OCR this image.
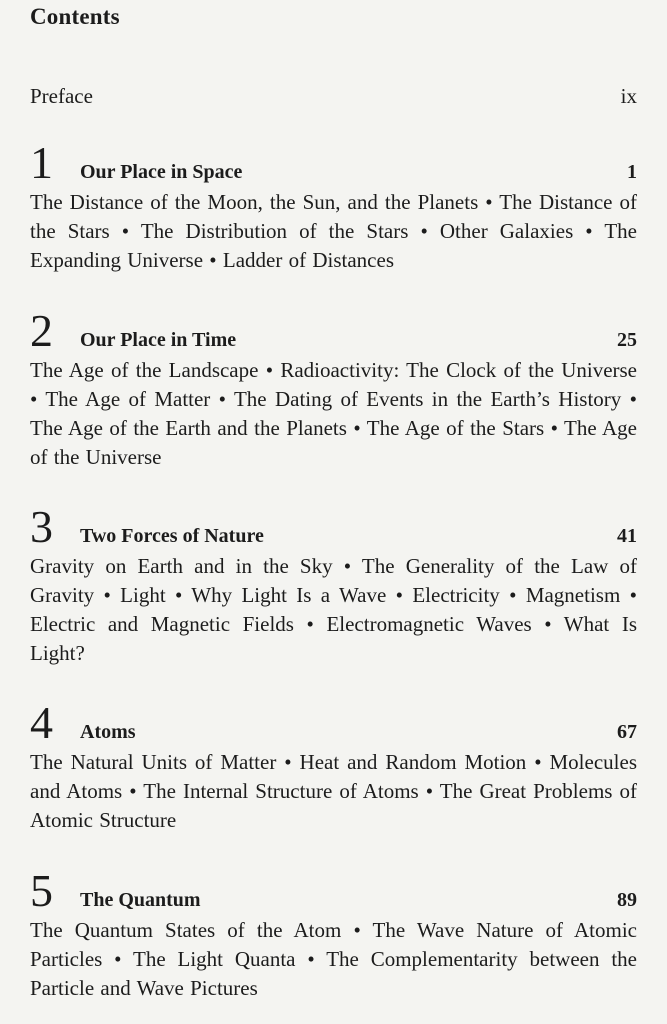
Contents
Preface	ix
1 Our Place in Space	1
The Distance of the Moon, the Sun, and the Planets • The Distance of the Stars • The Distribution of the Stars • Other Galaxies • The Expanding Universe • Ladder of Distances
2 Our Place in Time	25
The Age of the Landscape • Radioactivity: The Clock of the Universe • The Age of Matter • The Dating of Events in the Earth’s History • The Age of the Earth and the Planets • The Age of the Stars • The Age of the Universe
3 Two Forces of Nature	41
Gravity on Earth and in the Sky • The Generality of the Law of Gravity • Light • Why Light Is a Wave • Electricity • Magnetism • Electric and Magnetic Fields • Electromagnetic Waves • What Is Light?
4 Atoms	67
The Natural Units of Matter • Heat and Random Motion • Molecules and Atoms • The Internal Structure of Atoms • The Great Problems of Atomic Structure
5 The Quantum	89
The Quantum States of the Atom • The Wave Nature of Atomic Particles • The Light Quanta • The Complementarity between the Particle and Wave Pictures
